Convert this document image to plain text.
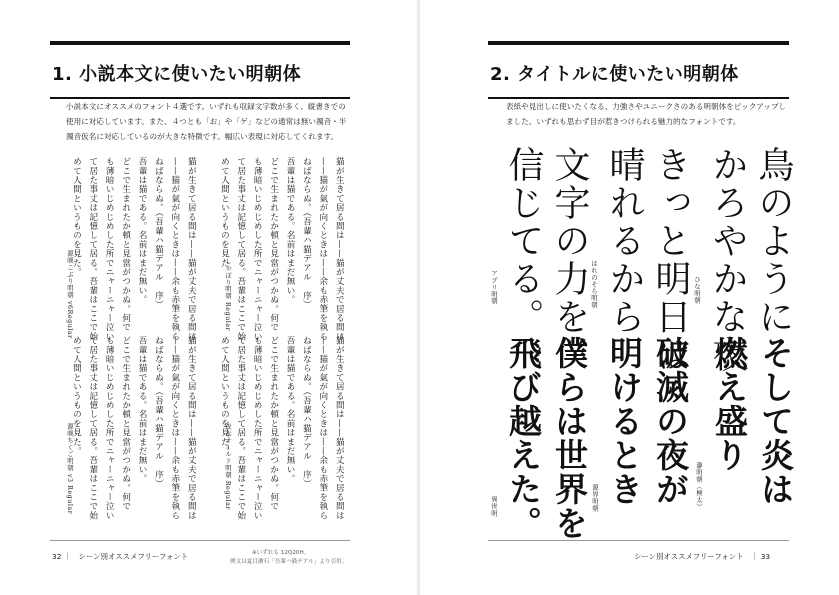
1. 小説本文に使いたい明朝体
小説本文にオススメのフォント４選です。いずれも収録文字数が多く、縦書きでの使用に対応しています。また、４つとも「お」や「ゲ」などの通常は無い濁音・半濁音仮名に対応しているのが大きな特徴です。幅広い表現に対応してくれます。
猫が生きて居る間は——猫が丈夫で居る間は
——猫が氣が向くときは——余も赤筆を執ら
ねばならぬ。（吾輩ハ猫デアル　序）
吾輩は猫である。名前はまだ無い。
どこで生まれたか頓と見當がつかぬ。何で
も薄暗いじめじめした所でニャーニャー泣い
て居た事丈は記憶して居る。吾輩はここで始
めて人間というものを見た。
しっぽり明朝 Regular
猫が生きて居る間は——猫が丈夫で居る間は
——猫が氣が向くときは——余も赤筆を執ら
ねばならぬ。（吾輩ハ猫デアル　序）
吾輩は猫である。名前はまだ無い。
どこで生まれたか頓と見當がつかぬ。何で
も薄暗いじめじめした所でニャーニャー泣い
て居た事丈は記憶して居る。吾輩はここで始
めて人間というものを見た。
源暎こぶり明朝 v6Regular
猫が生きて居る間は——猫が丈夫で居る間は
——猫が氣が向くときは——余も赤筆を執ら
ねばならぬ。（吾輩ハ猫デアル　序）
吾輩は猫である。名前はまだ無い。
どこで生まれたか頓と見當がつかぬ。何で
も薄暗いじめじめした所でニャーニャー泣い
て居た事丈は記憶して居る。吾輩はここで始
めて人間というものを見た。
夜永オールド明朝 Regular
猫が生きて居る間は——猫が丈夫で居る間は
——猫が氣が向くときは——余も赤筆を執ら
ねばならぬ。（吾輩ハ猫デアル　序）
吾輩は猫である。名前はまだ無い。
どこで生まれたか頓と見當がつかぬ。何で
も薄暗いじめじめした所でニャーニャー泣い
て居た事丈は記憶して居る。吾輩はここで始
めて人間というものを見た。
源暎ちくご明朝 v3 Regular
32 ｜　シーン別オススメフリーフォント	※いずれも 12Q20H。
例文は夏目漱石「吾輩ハ猫デアル」より引用。
2. タイトルに使いたい明朝体
表紙や見出しに使いたくなる、力強さやユニークさのある明朝体をピックアップしました。いずれも思わず目が惹きつけられる魅力的なフォントです。
鳥のように
かろやかな夜
ひな明朝
きっと明日は
晴れるから
はれのそら明朝
文字の力を、
信じてる。
アプリ明朝
そして炎は
燃え盛り
瀞明朝（極太）
破滅の夜が
明けるとき
源界明朝
僕らは世界を
飛び越えた。
異世明
シーン別オススメフリーフォント　｜ 33
